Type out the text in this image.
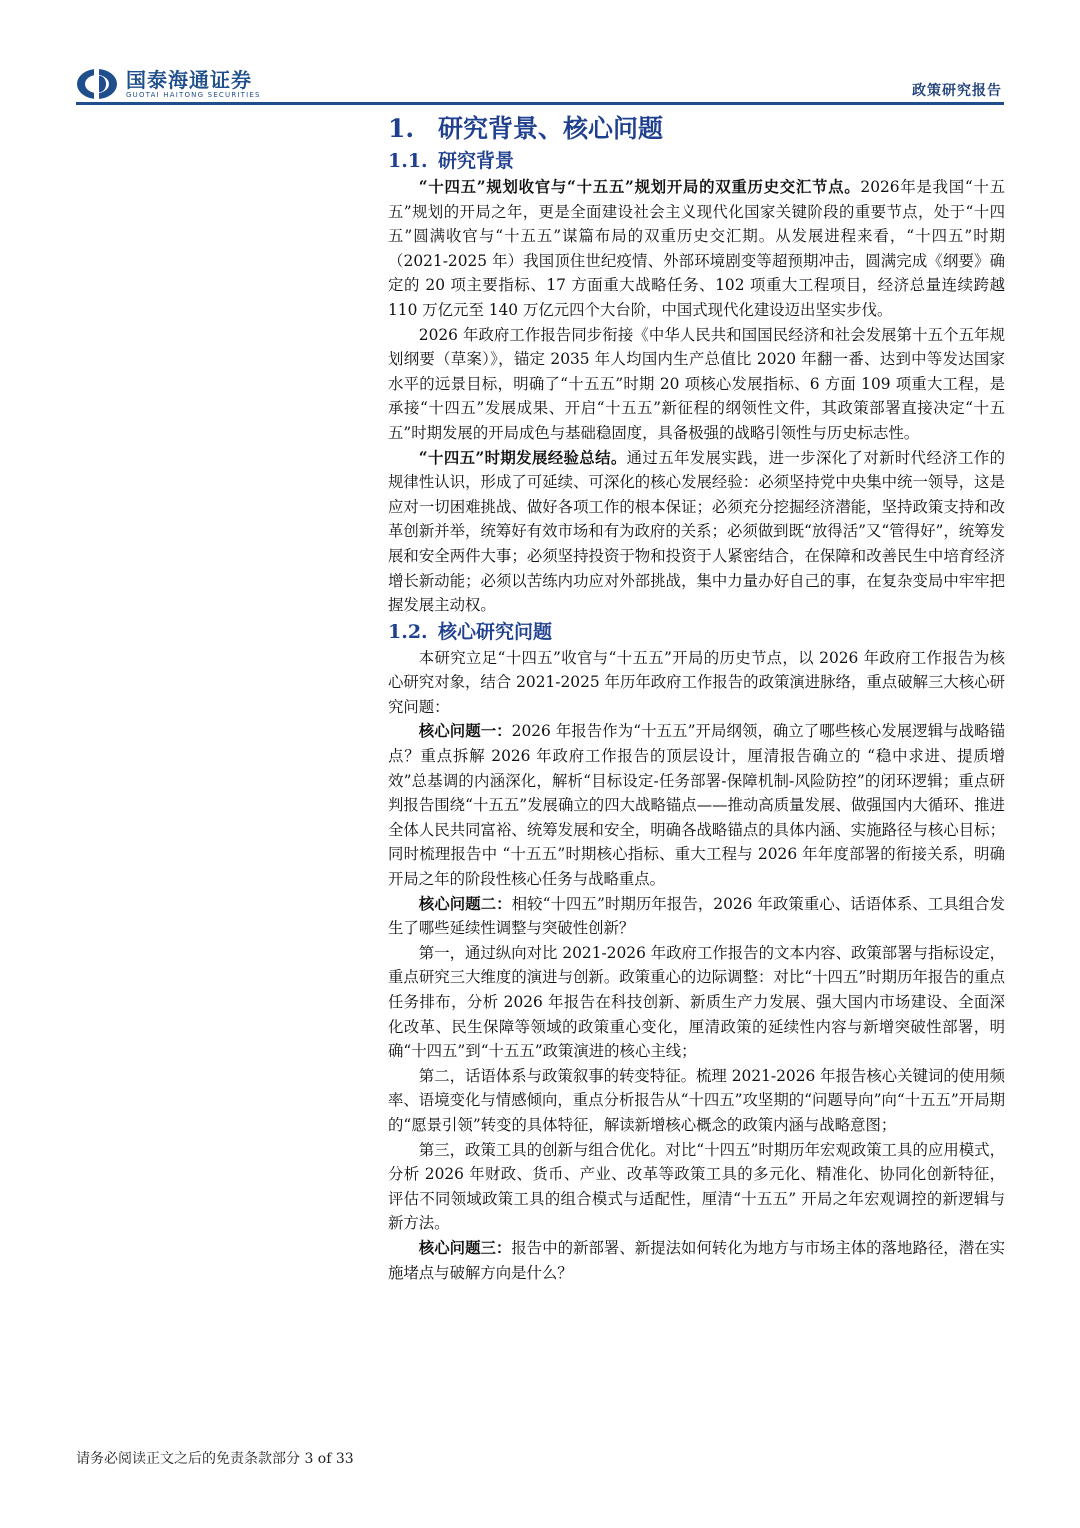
国泰海通证券
GUOTAI HAITONG SECURITIES	政策研究报告
1. 研究背景、核心问题
1.1. 研究背景

“十四五”规划收官与“十五五”规划开局的双重历史交汇节点。2026年是我国“十五五”规划的开局之年，更是全面建设社会主义现代化国家关键阶段的重要节点，处于“十四五”圆满收官与“十五五”谋篇布局的双重历史交汇期。从发展进程来看，“十四五”时期（2021-2025 年）我国顶住世纪疫情、外部环境剧变等超预期冲击，圆满完成《纲要》确定的 20 项主要指标、17 方面重大战略任务、102 项重大工程项目，经济总量连续跨越 110 万亿元至 140 万亿元四个大台阶，中国式现代化建设迈出坚实步伐。

2026 年政府工作报告同步衔接《中华人民共和国国民经济和社会发展第十五个五年规划纲要（草案）》，锚定 2035 年人均国内生产总值比 2020 年翻一番、达到中等发达国家水平的远景目标，明确了“十五五”时期 20 项核心发展指标、6 方面 109 项重大工程，是承接“十四五”发展成果、开启“十五五”新征程的纲领性文件，其政策部署直接决定“十五五”时期发展的开局成色与基础稳固度，具备极强的战略引领性与历史标志性。

“十四五”时期发展经验总结。通过五年发展实践，进一步深化了对新时代经济工作的规律性认识，形成了可延续、可深化的核心发展经验：必须坚持党中央集中统一领导，这是应对一切困难挑战、做好各项工作的根本保证；必须充分挖掘经济潜能，坚持政策支持和改革创新并举，统筹好有效市场和有为政府的关系；必须做到既“放得活”又“管得好”，统筹发展和安全两件大事；必须坚持投资于物和投资于人紧密结合，在保障和改善民生中培育经济增长新动能；必须以苦练内功应对外部挑战，集中力量办好自己的事，在复杂变局中牢牢把握发展主动权。

1.2. 核心研究问题

本研究立足“十四五”收官与“十五五”开局的历史节点，以 2026 年政府工作报告为核心研究对象，结合 2021-2025 年历年政府工作报告的政策演进脉络，重点破解三大核心研究问题：

核心问题一：2026 年报告作为“十五五”开局纲领，确立了哪些核心发展逻辑与战略锚点？重点拆解 2026 年政府工作报告的顶层设计，厘清报告确立的 “稳中求进、提质增效”总基调的内涵深化，解析“目标设定-任务部署-保障机制-风险防控”的闭环逻辑；重点研判报告围绕“十五五”发展确立的四大战略锚点——推动高质量发展、做强国内大循环、推进全体人民共同富裕、统筹发展和安全，明确各战略锚点的具体内涵、实施路径与核心目标；同时梳理报告中 “十五五”时期核心指标、重大工程与 2026 年年度部署的衔接关系，明确开局之年的阶段性核心任务与战略重点。

核心问题二：相较“十四五”时期历年报告，2026 年政策重心、话语体系、工具组合发生了哪些延续性调整与突破性创新？

第一，通过纵向对比 2021-2026 年政府工作报告的文本内容、政策部署与指标设定，重点研究三大维度的演进与创新。政策重心的边际调整：对比“十四五”时期历年报告的重点任务排布，分析 2026 年报告在科技创新、新质生产力发展、强大国内市场建设、全面深化改革、民生保障等领域的政策重心变化，厘清政策的延续性内容与新增突破性部署，明确“十四五”到“十五五”政策演进的核心主线；

第二，话语体系与政策叙事的转变特征。梳理 2021-2026 年报告核心关键词的使用频率、语境变化与情感倾向，重点分析报告从“十四五”攻坚期的“问题导向”向“十五五”开局期的“愿景引领”转变的具体特征，解读新增核心概念的政策内涵与战略意图；

第三，政策工具的创新与组合优化。对比“十四五”时期历年宏观政策工具的应用模式，分析 2026 年财政、货币、产业、改革等政策工具的多元化、精准化、协同化创新特征，评估不同领域政策工具的组合模式与适配性，厘清“十五五” 开局之年宏观调控的新逻辑与新方法。

核心问题三：报告中的新部署、新提法如何转化为地方与市场主体的落地路径，潜在实施堵点与破解方向是什么？

请务必阅读正文之后的免责条款部分 3 of 33
